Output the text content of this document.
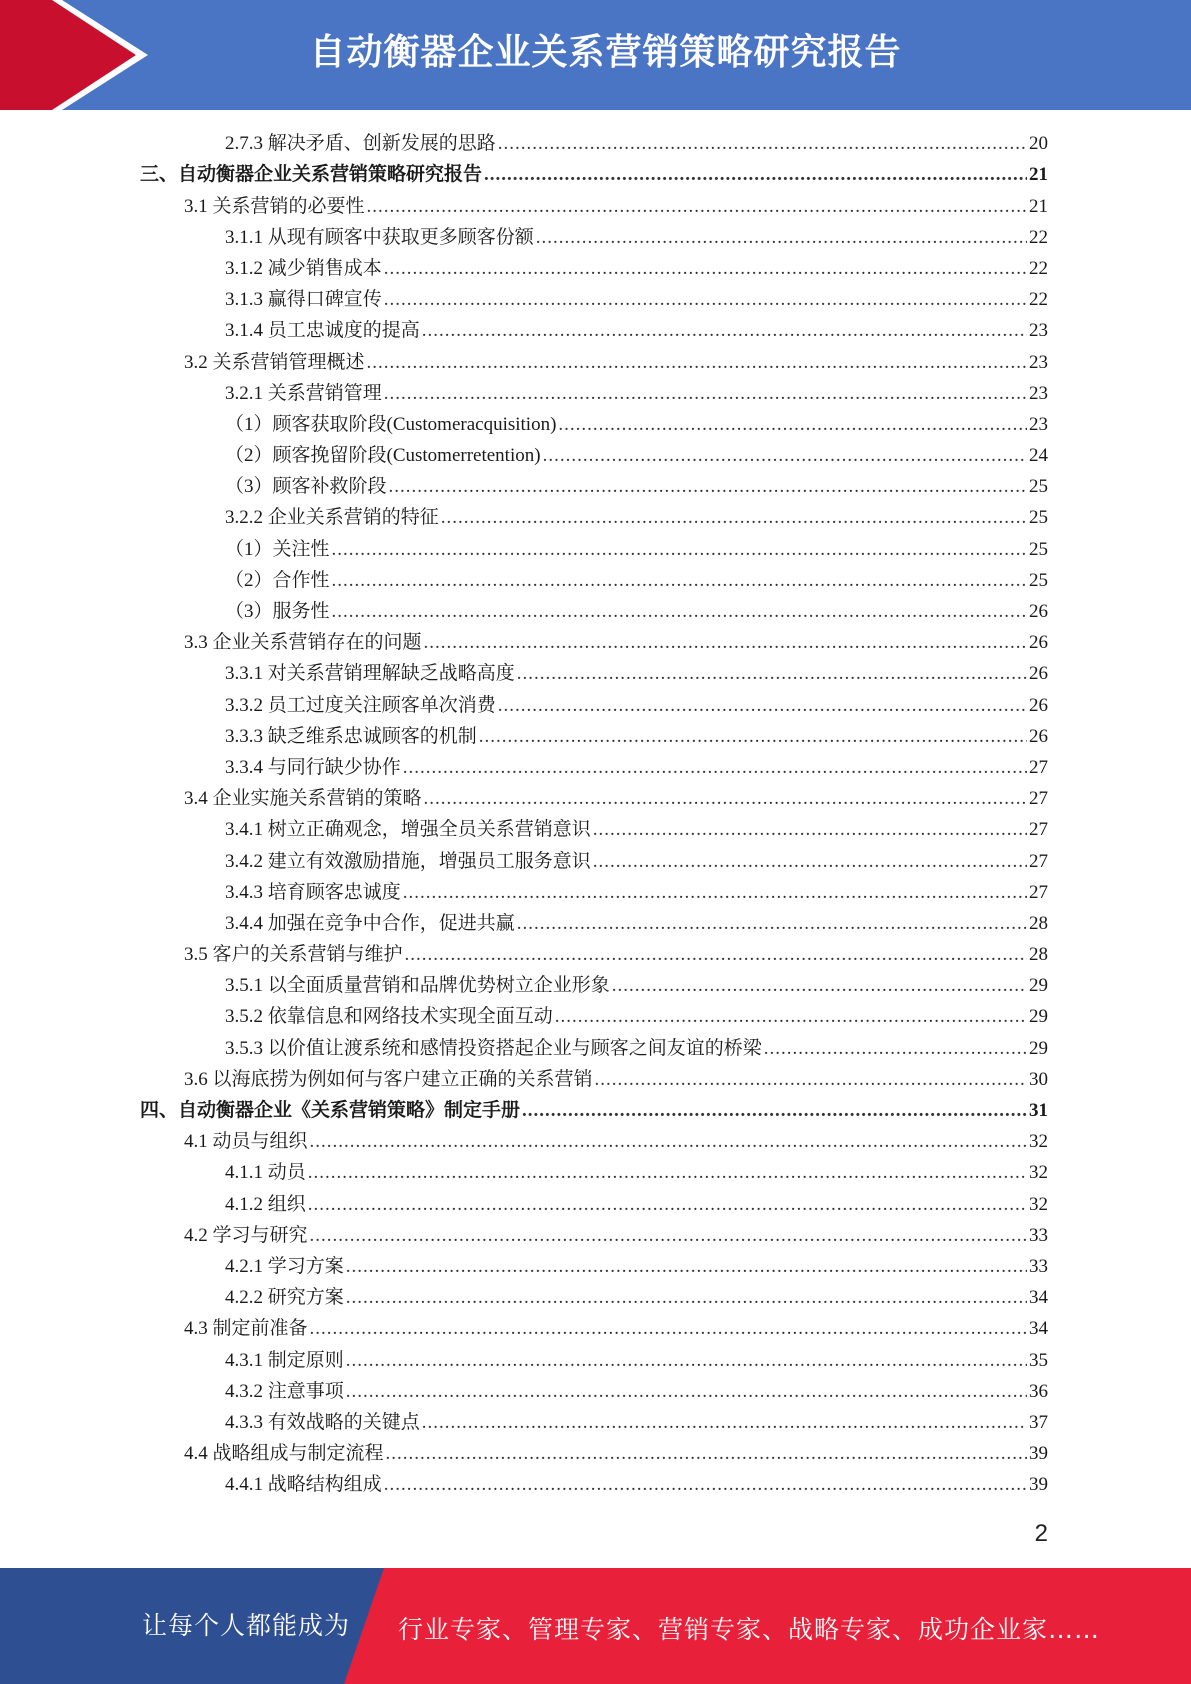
自动衡器企业关系营销策略研究报告
2.7.3 解决矛盾、创新发展的思路 .....	20
三、自动衡器企业关系营销策略研究报告 .....	21
3.1 关系营销的必要性 .....	21
3.1.1 从现有顾客中获取更多顾客份额 .....	22
3.1.2 减少销售成本 .....	22
3.1.3 赢得口碑宣传 .....	22
3.1.4 员工忠诚度的提高 .....	23
3.2 关系营销管理概述 .....	23
3.2.1 关系营销管理 .....	23
（1）顾客获取阶段(Customeracquisition) .....	23
（2）顾客挽留阶段(Customerretention) .....	24
（3）顾客补救阶段 .....	25
3.2.2 企业关系营销的特征 .....	25
（1）关注性 .....	25
（2）合作性 .....	25
（3）服务性 .....	26
3.3 企业关系营销存在的问题 .....	26
3.3.1 对关系营销理解缺乏战略高度 .....	26
3.3.2 员工过度关注顾客单次消费 .....	26
3.3.3 缺乏维系忠诚顾客的机制 .....	26
3.3.4 与同行缺少协作 .....	27
3.4 企业实施关系营销的策略 .....	27
3.4.1 树立正确观念，增强全员关系营销意识 .....	27
3.4.2 建立有效激励措施，增强员工服务意识 .....	27
3.4.3 培育顾客忠诚度 .....	27
3.4.4 加强在竞争中合作，促进共赢 .....	28
3.5 客户的关系营销与维护 .....	28
3.5.1 以全面质量营销和品牌优势树立企业形象 .....	29
3.5.2 依靠信息和网络技术实现全面互动 .....	29
3.5.3 以价值让渡系统和感情投资搭起企业与顾客之间友谊的桥梁 .....	29
3.6 以海底捞为例如何与客户建立正确的关系营销 .....	30
四、自动衡器企业《关系营销策略》制定手册 .....	31
4.1 动员与组织 .....	32
4.1.1 动员 .....	32
4.1.2 组织 .....	32
4.2 学习与研究 .....	33
4.2.1 学习方案 .....	33
4.2.2 研究方案 .....	34
4.3 制定前准备 .....	34
4.3.1 制定原则 .....	35
4.3.2 注意事项 .....	36
4.3.3 有效战略的关键点 .....	37
4.4 战略组成与制定流程 .....	39
4.4.1 战略结构组成 .....	39
2
让每个人都能成为 行业专家、管理专家、营销专家、战略专家、成功企业家……
